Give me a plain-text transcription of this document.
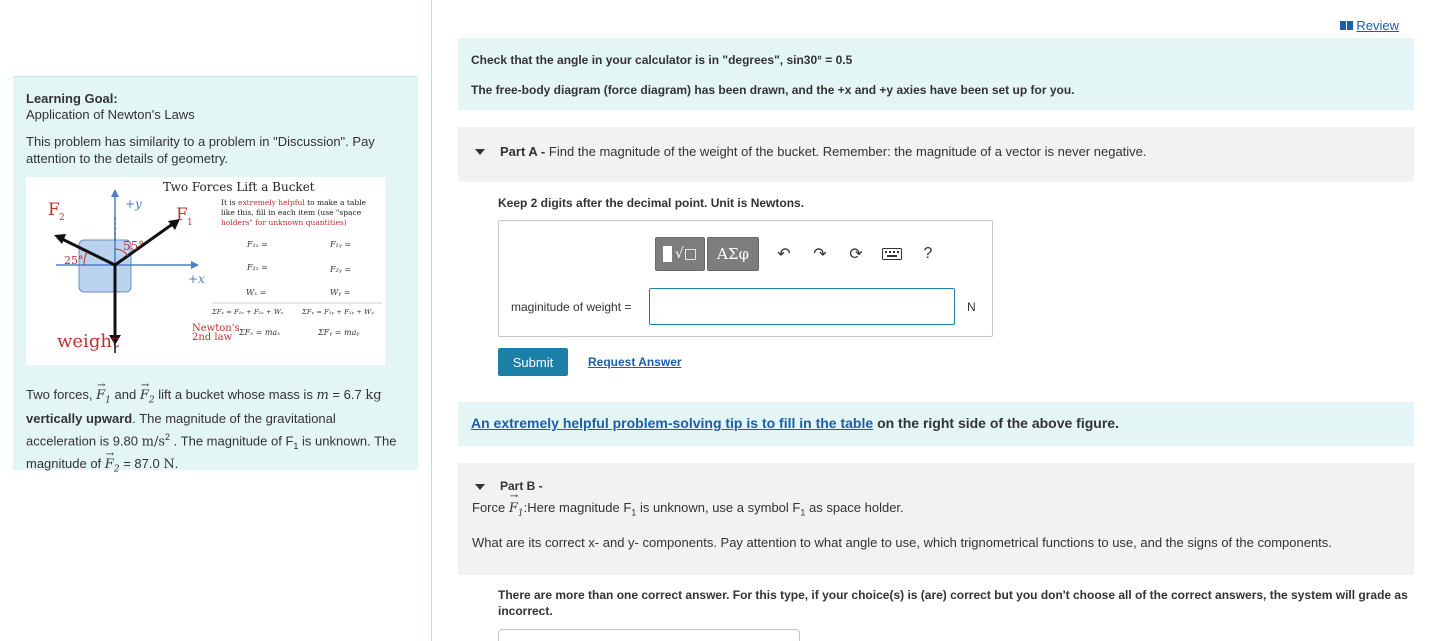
Learning Goal:
Application of Newton's Laws
This problem has similarity to a problem in "Discussion". Pay attention to the details of geometry.
Two Forces Lift a Bucket
F 2	F 1
+y
+x
55°
25°
weight
It is extremely helpful to make a table
like this, fill in each item (use "space
holders" for unknown quantities)
F₁ₓ =	F₁ᵧ =
F₂ₓ =	F₂ᵧ =
Wₓ =	Wᵧ =
ΣFₓ = F₁ₓ + F₂ₓ + Wₓ	ΣFᵧ = F₁ᵧ + F₂ᵧ + Wᵧ
Newton's
2nd law ΣFₓ = maₓ	ΣFᵧ = maᵧ
Two forces, → $F_1$ and → $F_2$ lift a bucket whose mass is m = 6.7 kg vertically upward. The magnitude of the gravitational acceleration is 9.80 $m/s^2$ . The magnitude of $F_1$ is unknown. The magnitude of → $F_2 = 87.0$ N.
Review
Check that the angle in your calculator is in "degrees", sin30° = 0.5
The free-body diagram (force diagram) has been drawn, and the +x and +y axies have been set up for you.
Part A - Find the magnitude of the weight of the bucket. Remember: the magnitude of a vector is never negative.
Keep 2 digits after the decimal point. Unit is Newtons.
√□	ΑΣφ	↶	↷	⟳	?
maginitude of weight =	N
Submit	Request Answer
An extremely helpful problem-solving tip is to fill in the table on the right side of the above figure.
Part B -
Force → $F_1:Here$ magnitude $F_1$ is unknown, use a symbol $F_1$ as space holder.
What are its correct x- and y- components. Pay attention to what angle to use, which trignometrical functions to use, and the signs of the components.
There are more than one correct answer. For this type, if your choice(s) is (are) correct but you don't choose all of the correct answers, the system will grade as incorrect.
